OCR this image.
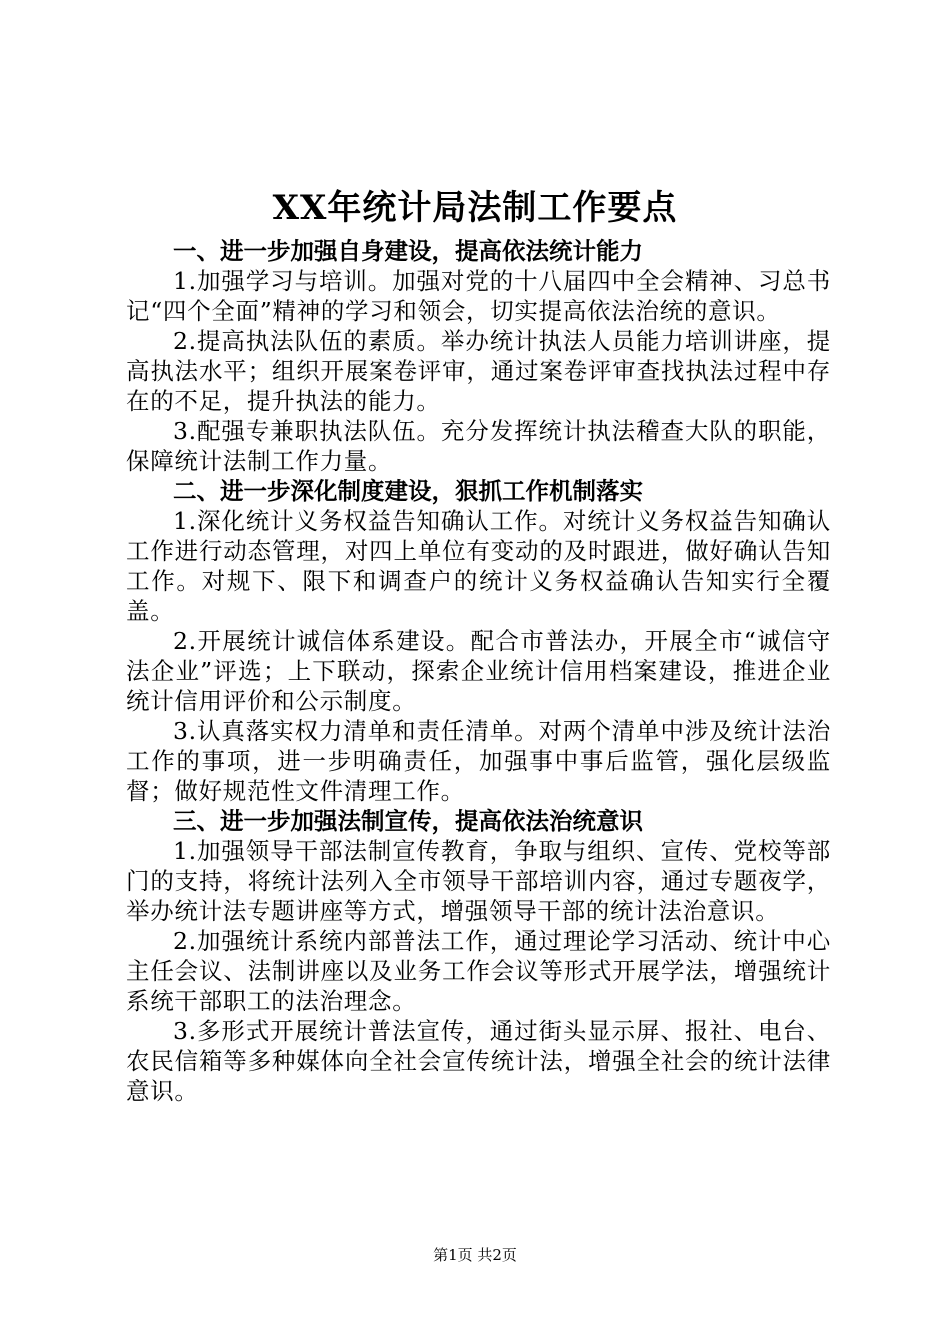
XX年统计局法制工作要点

一、进一步加强自身建设，提高依法统计能力

1.加强学习与培训。加强对党的十八届四中全会精神、习总书记“四个全面”精神的学习和领会，切实提高依法治统的意识。

2.提高执法队伍的素质。举办统计执法人员能力培训讲座，提高执法水平；组织开展案卷评审，通过案卷评审查找执法过程中存在的不足，提升执法的能力。

3.配强专兼职执法队伍。充分发挥统计执法稽查大队的职能，保障统计法制工作力量。

二、进一步深化制度建设，狠抓工作机制落实

1.深化统计义务权益告知确认工作。对统计义务权益告知确认工作进行动态管理，对四上单位有变动的及时跟进，做好确认告知工作。对规下、限下和调查户的统计义务权益确认告知实行全覆盖。

2.开展统计诚信体系建设。配合市普法办，开展全市“诚信守法企业”评选；上下联动，探索企业统计信用档案建设，推进企业统计信用评价和公示制度。

3.认真落实权力清单和责任清单。对两个清单中涉及统计法治工作的事项，进一步明确责任，加强事中事后监管，强化层级监督；做好规范性文件清理工作。

三、进一步加强法制宣传，提高依法治统意识

1.加强领导干部法制宣传教育，争取与组织、宣传、党校等部门的支持，将统计法列入全市领导干部培训内容，通过专题夜学，举办统计法专题讲座等方式，增强领导干部的统计法治意识。

2.加强统计系统内部普法工作，通过理论学习活动、统计中心主任会议、法制讲座以及业务工作会议等形式开展学法，增强统计系统干部职工的法治理念。

3.多形式开展统计普法宣传，通过街头显示屏、报社、电台、农民信箱等多种媒体向全社会宣传统计法，增强全社会的统计法律意识。

第1页 共2页
